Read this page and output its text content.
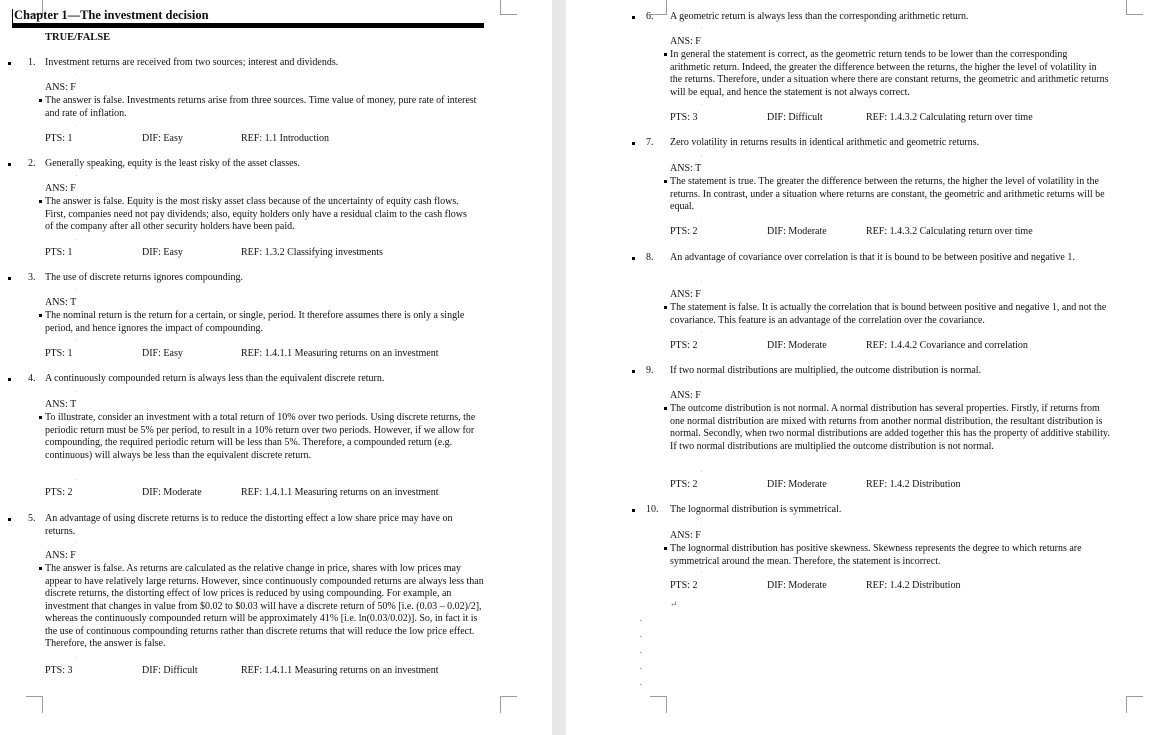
Chapter 1—The investment decision
TRUE/FALSE
1. Investment returns are received from two sources; interest and dividends.
ˈ
ANS: F
The answer is false. Investments returns arise from three sources. Time value of money, pure rate of interest and rate of inflation.
ˈ
PTS: 1	DIF: Easy	REF: 1.1 Introduction
2. Generally speaking, equity is the least risky of the asset classes.
ˈ
ANS: F
The answer is false. Equity is the most risky asset class because of the uncertainty of equity cash flows. First, companies need not pay dividends; also, equity holders only have a residual claim to the cash flows of the company after all other security holders have been paid.
ˈ
PTS: 1	DIF: Easy	REF: 1.3.2 Classifying investments
3. The use of discrete returns ignores compounding.
ˈ
ANS: T
The nominal return is the return for a certain, or single, period. It therefore assumes there is only a single period, and hence ignores the impact of compounding.
ˈ
PTS: 1	DIF: Easy	REF: 1.4.1.1 Measuring returns on an investment
4. A continuously compounded return is always less than the equivalent discrete return.
ˈ
ANS: T
To illustrate, consider an investment with a total return of 10% over two periods. Using discrete returns, the periodic return must be 5% per period, to result in a 10% return over two periods. However, if we allow for compounding, the required periodic return will be less than 5%. Therefore, a compounded return (e.g. continuous) will always be less than the equivalent discrete return.
ˈ
PTS: 2	DIF: Moderate	REF: 1.4.1.1 Measuring returns on an investment
5. An advantage of using discrete returns is to reduce the distorting effect a low share price may have on returns.
ˈ
ANS: F
The answer is false. As returns are calculated as the relative change in price, shares with low prices may appear to have relatively large returns. However, since continuously compounded returns are always less than discrete returns, the distorting effect of low prices is reduced by using compounding. For example, an investment that changes in value from $0.02 to $0.03 will have a discrete return of 50% [i.e. (0.03 – 0.02)/2], whereas the continuously compounded return will be approximately 41% [i.e. ln(0.03/0.02)]. So, in fact it is the use of continuous compounding returns rather than discrete returns that will reduce the low price effect. Therefore, the answer is false.
ˈ
PTS: 3	DIF: Difficult	REF: 1.4.1.1 Measuring returns on an investment
6. A geometric return is always less than the corresponding arithmetic return.
ˈ
ANS: F
In general the statement is correct, as the geometric return tends to be lower than the corresponding arithmetic return. Indeed, the greater the difference between the returns, the higher the level of volatility in the returns. Therefore, under a situation where there are constant returns, the geometric and arithmetic returns will be equal, and hence the statement is not always correct.
ˈ
PTS: 3	DIF: Difficult	REF: 1.4.3.2 Calculating return over time
7. Zero volatility in returns results in identical arithmetic and geometric returns.
ˈ
ANS: T
The statement is true. The greater the difference between the returns, the higher the level of volatility in the returns. In contrast, under a situation where returns are constant, the geometric and arithmetic returns will be equal.
ˈ
PTS: 2	DIF: Moderate	REF: 1.4.3.2 Calculating return over time
8. An advantage of covariance over correlation is that it is bound to be between positive and negative 1.
ˈ
ANS: F
The statement is false. It is actually the correlation that is bound between positive and negative 1, and not the covariance. This feature is an advantage of the correlation over the covariance.
ˈ
PTS: 2	DIF: Moderate	REF: 1.4.4.2 Covariance and correlation
9. If two normal distributions are multiplied, the outcome distribution is normal.
ˈ
ANS: F
The outcome distribution is not normal. A normal distribution has several properties. Firstly, if returns from one normal distribution are mixed with returns from another normal distribution, the resultant distribution is normal. Secondly, when two normal distributions are added together this has the property of additive stability. If two normal distributions are multiplied the outcome distribution is not normal.
ˈ
PTS: 2	DIF: Moderate	REF: 1.4.2 Distribution
10. The lognormal distribution is symmetrical.
ˈ
ANS: F
The lognormal distribution has positive skewness. Skewness represents the degree to which returns are symmetrical around the mean. Therefore, the statement is incorrect.
ˈ
PTS: 2	DIF: Moderate	REF: 1.4.2 Distribution
↵
